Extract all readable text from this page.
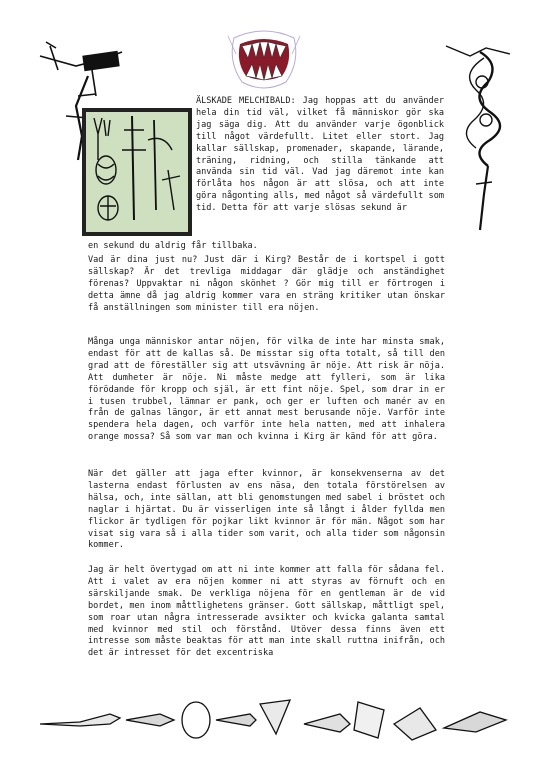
ÄLSKADE MELCHIBALD: Jag hoppas att du använder hela din tid väl, vilket få människor gör ska jag säga dig. Att du använder varje ögonblick till något värdefullt. Litet eller stort. Jag kallar sällskap, promenader, skapande, lärande, träning, ridning, och stilla tänkande att använda sin tid väl. Vad jag däremot inte kan förlåta hos någon är att slösa, och att inte göra någonting alls, med något så värdefullt som tid. Detta för att varje slösas sekund är
en sekund du aldrig får tillbaka.
Vad är dina just nu? Just där i Kirg? Består de i kortspel i gott sällskap? Är det trevliga middagar där glädje och anständighet förenas? Uppvaktar ni någon skönhet ? Gör mig till er förtrogen i detta ämne då jag aldrig kommer vara en sträng kritiker utan önskar få anställningen som minister till era nöjen.
Många unga människor antar nöjen, för vilka de inte har minsta smak, endast för att de kallas så. De misstar sig ofta totalt, så till den grad att de föreställer sig att utsvävning är nöje. Att risk är nöja. Att dumheter är nöje. Ni måste medge att fylleri, som är lika förödande för kropp och själ, är ett fint nöje. Spel, som drar in er i tusen trubbel, lämnar er pank, och ger er luften och manér av en från de galnas längor, är ett annat mest berusande nöje. Varför inte spendera hela dagen, och varför inte hela natten, med att inhalera orange mossa? Så som var man och kvinna i Kirg är känd för att göra.
När det gäller att jaga efter kvinnor, är konsekvenserna av det lasterna endast förlusten av ens näsa, den totala förstörelsen av hälsa, och, inte sällan, att bli genomstungen med sabel i bröstet och naglar i hjärtat. Du är visserligen inte så långt i ålder fyllda men flickor är tydligen för pojkar likt kvinnor är för män. Något som har visat sig vara så i alla tider som varit, och alla tider som någonsin kommer.
Jag är helt övertygad om att ni inte kommer att falla för sådana fel. Att i valet av era nöjen kommer ni att styras av förnuft och en särskiljande smak. De verkliga nöjena för en gentleman är de vid bordet, men inom måttlighetens gränser. Gott sällskap, måttligt spel, som roar utan några intresserade avsikter och kvicka galanta samtal med kvinnor med stil och förstånd. Utöver dessa finns även ett intresse som måste beaktas för att man inte skall ruttna inifrån, och det är intresset för det excentriska
